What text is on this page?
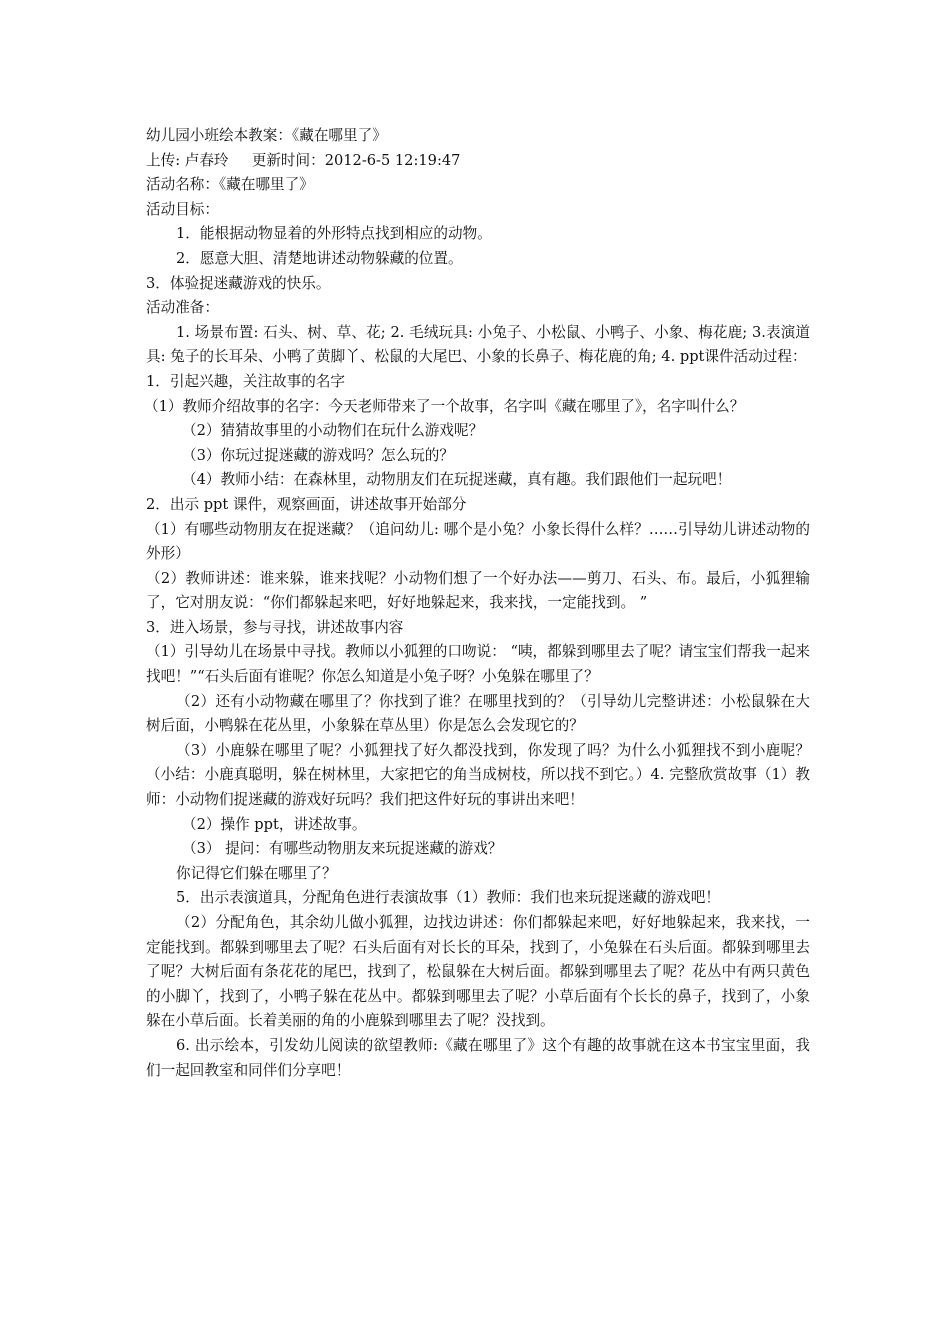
幼儿园小班绘本教案：《藏在哪里了》

上传: 卢春玲     更新时间：2012-6-5 12:19:47

活动名称：《藏在哪里了》

活动目标：

1．能根据动物显着的外形特点找到相应的动物。

2．愿意大胆、清楚地讲述动物躲藏的位置。

3．体验捉迷藏游戏的快乐。

活动准备：

1. 场景布置: 石头、树、草、花; 2. 毛绒玩具: 小兔子、小松鼠、小鸭子、小象、梅花鹿; 3.表演道具: 兔子的长耳朵、小鸭了黄脚丫、松鼠的大尾巴、小象的长鼻子、梅花鹿的角; 4. ppt课件活动过程：

1．引起兴趣，关注故事的名字

（1）教师介绍故事的名字：今天老师带来了一个故事，名字叫《藏在哪里了》，名字叫什么？

（2）猜猜故事里的小动物们在玩什么游戏呢？

（3）你玩过捉迷藏的游戏吗？怎么玩的？

（4）教师小结：在森林里，动物朋友们在玩捉迷藏，真有趣。我们跟他们一起玩吧！

2．出示 ppt 课件，观察画面，讲述故事开始部分

（1）有哪些动物朋友在捉迷藏？（追问幼儿: 哪个是小兔？小象长得什么样？……引导幼儿讲述动物的外形）

（2）教师讲述：谁来躲，谁来找呢？小动物们想了一个好办法——剪刀、石头、布。最后，小狐狸输了，它对朋友说：“你们都躲起来吧，好好地躲起来，我来找，一定能找到。 ”

3．进入场景，参与寻找，讲述故事内容

（1）引导幼儿在场景中寻找。教师以小狐狸的口吻说： “咦，都躲到哪里去了呢？请宝宝们帮我一起来找吧！”“石头后面有谁呢？你怎么知道是小兔子呀？小兔躲在哪里了？

（2）还有小动物藏在哪里了？你找到了谁？在哪里找到的？（引导幼儿完整讲述：小松鼠躲在大树后面，小鸭躲在花丛里，小象躲在草丛里）你是怎么会发现它的？

（3）小鹿躲在哪里了呢？小狐狸找了好久都没找到，你发现了吗？为什么小狐狸找不到小鹿呢？（小结：小鹿真聪明，躲在树林里，大家把它的角当成树枝，所以找不到它。）4. 完整欣赏故事（1）教师：小动物们捉迷藏的游戏好玩吗？我们把这件好玩的事讲出来吧！

（2）操作 ppt，讲述故事。

（3） 提问：有哪些动物朋友来玩捉迷藏的游戏？

你记得它们躲在哪里了？

5．出示表演道具，分配角色进行表演故事（1）教师：我们也来玩捉迷藏的游戏吧！

（2）分配角色，其余幼儿做小狐狸，边找边讲述：你们都躲起来吧，好好地躲起来，我来找，一定能找到。都躲到哪里去了呢？石头后面有对长长的耳朵，找到了，小兔躲在石头后面。都躲到哪里去了呢？大树后面有条花花的尾巴，找到了，松鼠躲在大树后面。都躲到哪里去了呢？花丛中有两只黄色的小脚丫，找到了，小鸭子躲在花丛中。都躲到哪里去了呢？小草后面有个长长的鼻子，找到了，小象躲在小草后面。长着美丽的角的小鹿躲到哪里去了呢？没找到。

6. 出示绘本，引发幼儿阅读的欲望教师:《藏在哪里了》这个有趣的故事就在这本书宝宝里面，我们一起回教室和同伴们分享吧！
